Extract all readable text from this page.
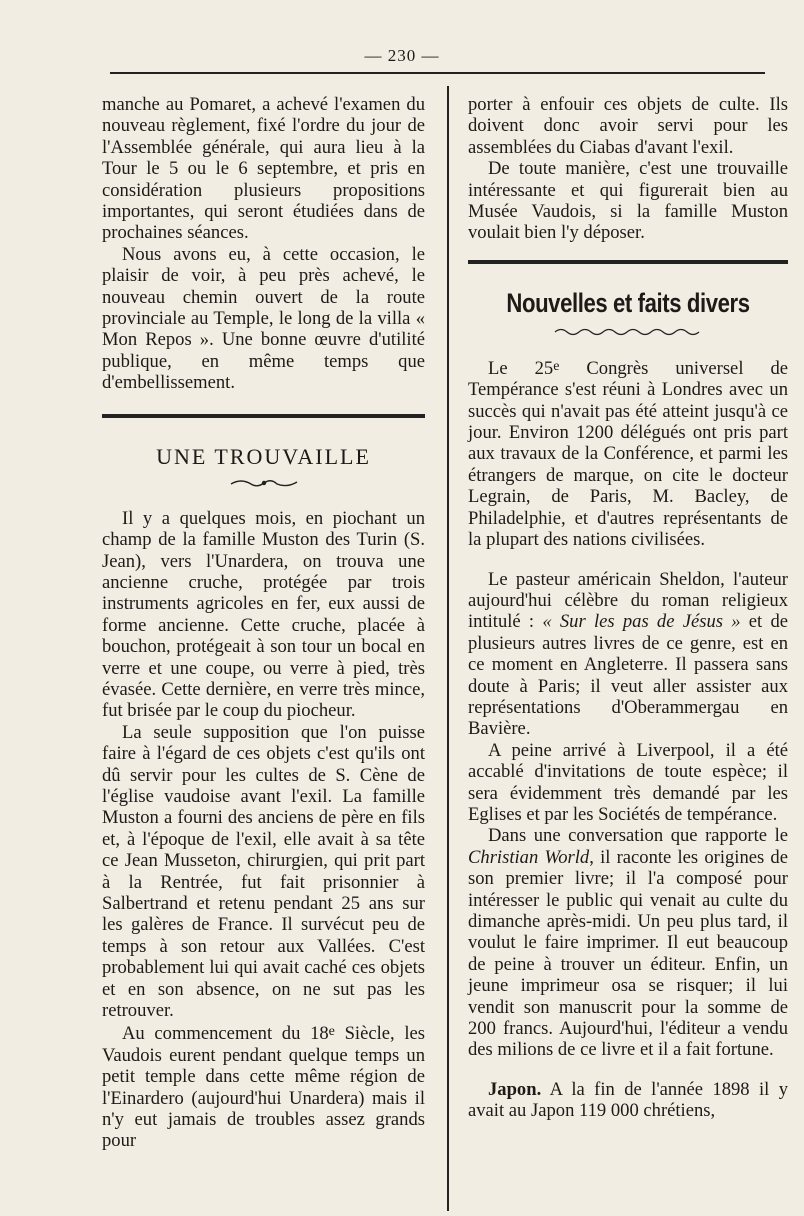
— 230 —

manche au Pomaret, a achevé l'examen du nouveau règlement, fixé l'ordre du jour de l'Assemblée générale, qui aura lieu à la Tour le 5 ou le 6 septembre, et pris en considération plusieurs propositions importantes, qui seront étudiées dans de prochaines séances.

Nous avons eu, à cette occasion, le plaisir de voir, à peu près achevé, le nouveau chemin ouvert de la route provinciale au Temple, le long de la villa « Mon Repos ». Une bonne œuvre d'utilité publique, en même temps que d'embellissement.

UNE TROUVAILLE

Il y a quelques mois, en piochant un champ de la famille Muston des Turin (S. Jean), vers l'Unardera, on trouva une ancienne cruche, protégée par trois instruments agricoles en fer, eux aussi de forme ancienne. Cette cruche, placée à bouchon, protégeait à son tour un bocal en verre et une coupe, ou verre à pied, très évasée. Cette dernière, en verre très mince, fut brisée par le coup du piocheur.

La seule supposition que l'on puisse faire à l'égard de ces objets c'est qu'ils ont dû servir pour les cultes de S. Cène de l'église vaudoise avant l'exil. La famille Muston a fourni des anciens de père en fils et, à l'époque de l'exil, elle avait à sa tête ce Jean Musseton, chirurgien, qui prit part à la Rentrée, fut fait prisonnier à Salbertrand et retenu pendant 25 ans sur les galères de France. Il survécut peu de temps à son retour aux Vallées. C'est probablement lui qui avait caché ces objets et en son absence, on ne sut pas les retrouver.

Au commencement du 18e Siècle, les Vaudois eurent pendant quelque temps un petit temple dans cette même région de l'Einardero (aujourd'hui Unardera) mais il n'y eut jamais de troubles assez grands pour

porter à enfouir ces objets de culte. Ils doivent donc avoir servi pour les assemblées du Ciabas d'avant l'exil.

De toute manière, c'est une trouvaille intéressante et qui figurerait bien au Musée Vaudois, si la famille Muston voulait bien l'y déposer.

Nouvelles et faits divers

Le 25e Congrès universel de Tempérance s'est réuni à Londres avec un succès qui n'avait pas été atteint jusqu'à ce jour. Environ 1200 délégués ont pris part aux travaux de la Conférence, et parmi les étrangers de marque, on cite le docteur Legrain, de Paris, M. Bacley, de Philadelphie, et d'autres représentants de la plupart des nations civilisées.

Le pasteur américain Sheldon, l'auteur aujourd'hui célèbre du roman religieux intitulé : « Sur les pas de Jésus » et de plusieurs autres livres de ce genre, est en ce moment en Angleterre. Il passera sans doute à Paris; il veut aller assister aux représentations d'Oberammergau en Bavière.

A peine arrivé à Liverpool, il a été accablé d'invitations de toute espèce; il sera évidemment très demandé par les Eglises et par les Sociétés de tempérance.

Dans une conversation que rapporte le Christian World, il raconte les origines de son premier livre; il l'a composé pour intéresser le public qui venait au culte du dimanche après-midi. Un peu plus tard, il voulut le faire imprimer. Il eut beaucoup de peine à trouver un éditeur. Enfin, un jeune imprimeur osa se risquer; il lui vendit son manuscrit pour la somme de 200 francs. Aujourd'hui, l'éditeur a vendu des milions de ce livre et il a fait fortune.

Japon. A la fin de l'année 1898 il y avait au Japon 119 000 chrétiens,
